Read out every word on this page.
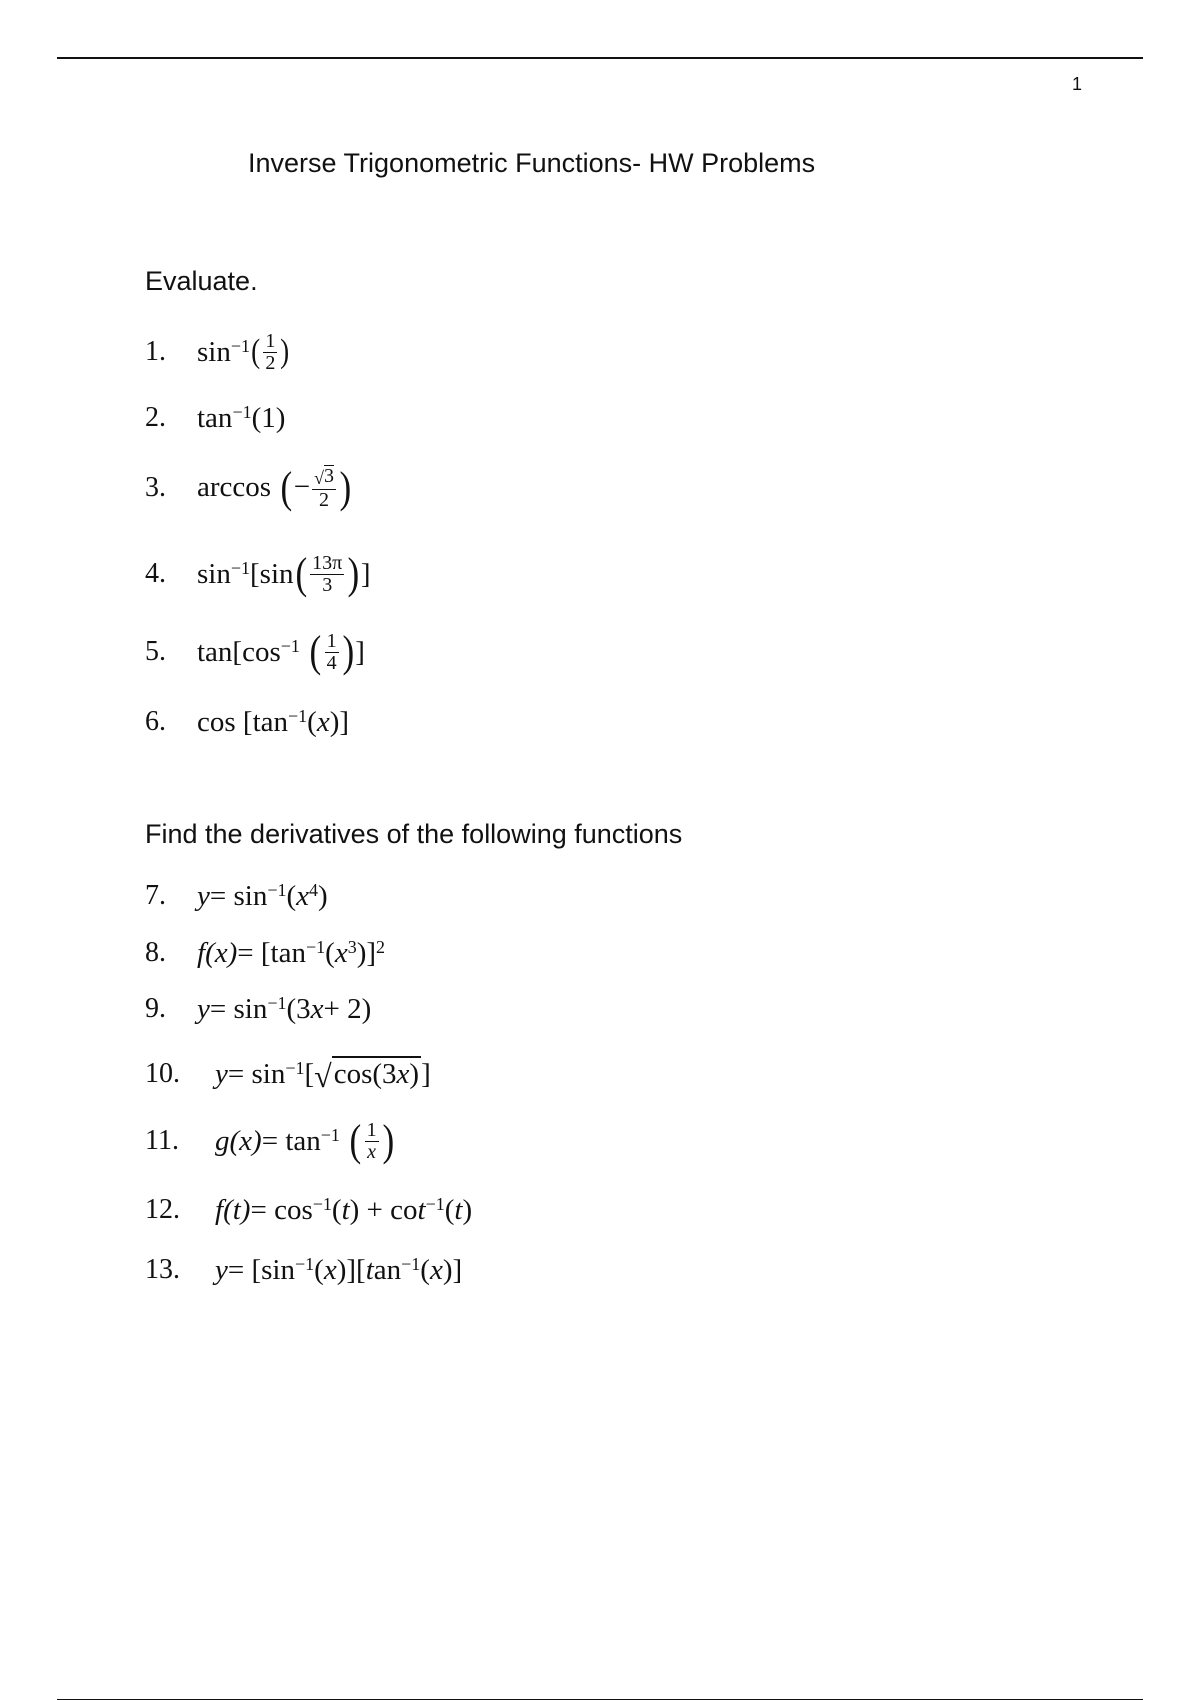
1
Inverse Trigonometric Functions- HW Problems
Evaluate.
1.	$\sin^{-1}$ ( $\frac{1}{2}$ )
2.	$\tan^{-1} (1)$
3.	arccos ( − $\frac{√ 3}{2}$ )
4.	$\sin^{-1} [\sin$ ( $\frac{13\pi}{3}$ ) ]
5.	$\tan[\cos^{-1}$ ( $\frac{1}{4}$ ) ]
6.	$\cos [\tan^{-1}$ ( x )]
Find the derivatives of the following functions
7.	$y = \sin^{-1}$ ( $x^4$ )
8.	f $(x) = [\tan^{-1}$ ( $x^3$ )]$^2$
9.	$y = \sin^{-1} (3$ x + 2)
10.	$y = \sin^{-1}$ [ √ cos(3x) ]
11.	g $(x) = \tan^{-1}$ ( $\frac{1}{x}$ )
12.	f $(t) = \cos^{-1} (t) + \cot^{-1} (t)$
13.	$y = [\sin^{-1}$ $(x)][\tan^{-1}$ (x)]
